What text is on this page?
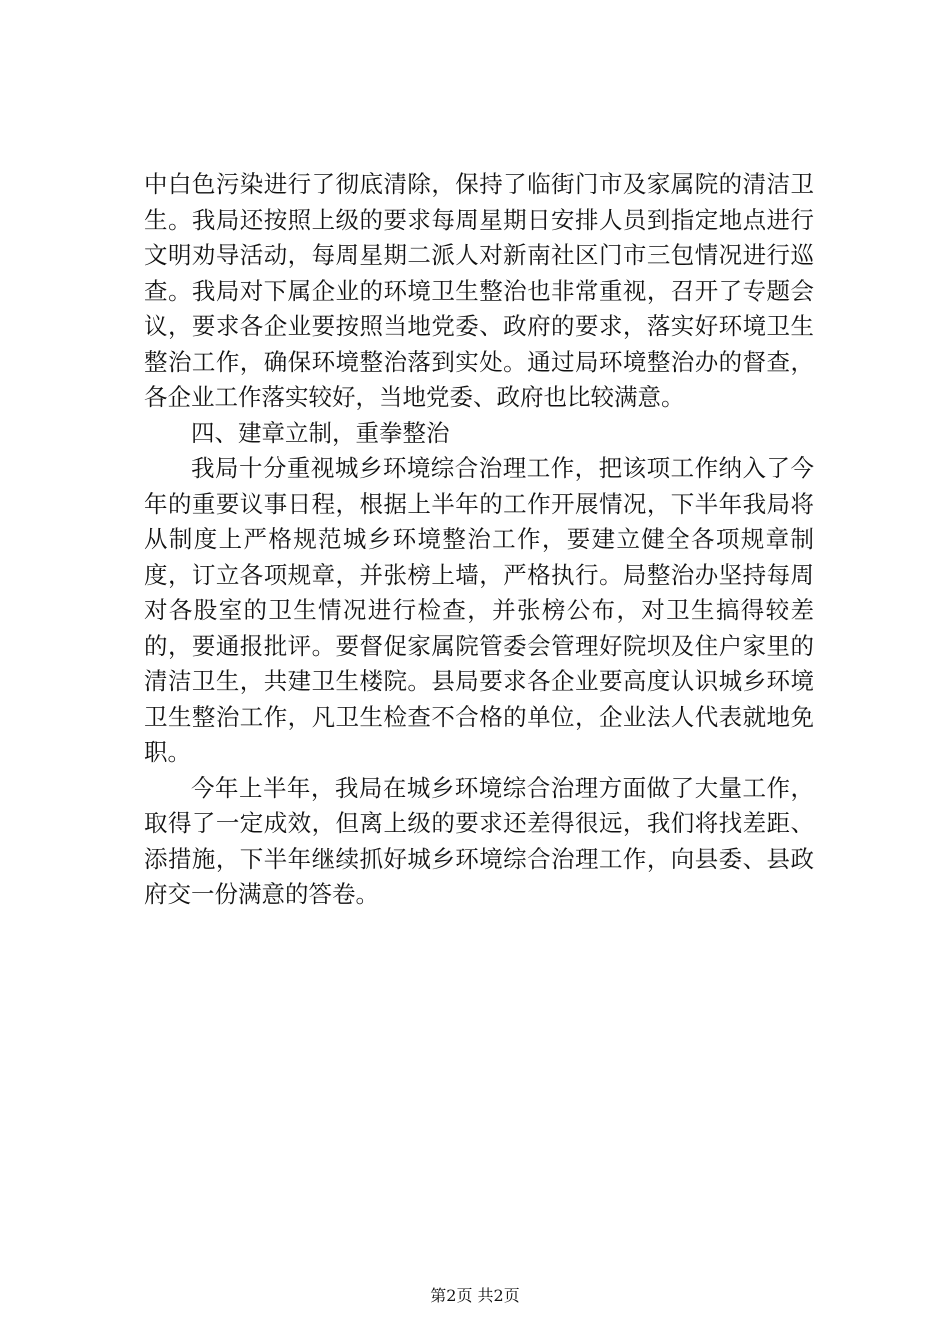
中白色污染进行了彻底清除，保持了临街门市及家属院的清洁卫生。我局还按照上级的要求每周星期日安排人员到指定地点进行文明劝导活动，每周星期二派人对新南社区门市三包情况进行巡查。我局对下属企业的环境卫生整治也非常重视，召开了专题会议，要求各企业要按照当地党委、政府的要求，落实好环境卫生整治工作，确保环境整治落到实处。通过局环境整治办的督查，各企业工作落实较好，当地党委、政府也比较满意。

四、建章立制，重拳整治

我局十分重视城乡环境综合治理工作，把该项工作纳入了今年的重要议事日程，根据上半年的工作开展情况，下半年我局将从制度上严格规范城乡环境整治工作，要建立健全各项规章制度，订立各项规章，并张榜上墙，严格执行。局整治办坚持每周对各股室的卫生情况进行检查，并张榜公布，对卫生搞得较差的，要通报批评。要督促家属院管委会管理好院坝及住户家里的清洁卫生，共建卫生楼院。县局要求各企业要高度认识城乡环境卫生整治工作，凡卫生检查不合格的单位，企业法人代表就地免职。

今年上半年，我局在城乡环境综合治理方面做了大量工作，取得了一定成效，但离上级的要求还差得很远，我们将找差距、添措施，下半年继续抓好城乡环境综合治理工作，向县委、县政府交一份满意的答卷。

第2页 共2页
